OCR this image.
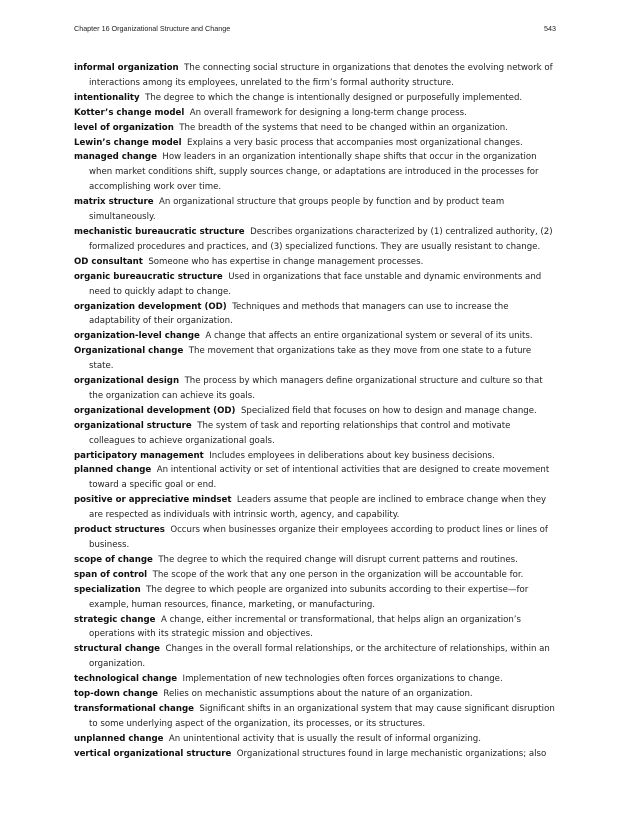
Chapter 16 Organizational Structure and Change	543

informal organization The connecting social structure in organizations that denotes the evolving network of interactions among its employees, unrelated to the firm’s formal authority structure.

intentionality The degree to which the change is intentionally designed or purposefully implemented.

Kotter’s change model An overall framework for designing a long-term change process.

level of organization The breadth of the systems that need to be changed within an organization.

Lewin’s change model Explains a very basic process that accompanies most organizational changes.

managed change How leaders in an organization intentionally shape shifts that occur in the organization when market conditions shift, supply sources change, or adaptations are introduced in the processes for accomplishing work over time.

matrix structure An organizational structure that groups people by function and by product team simultaneously.

mechanistic bureaucratic structure Describes organizations characterized by (1) centralized authority, (2) formalized procedures and practices, and (3) specialized functions. They are usually resistant to change.

OD consultant Someone who has expertise in change management processes.

organic bureaucratic structure Used in organizations that face unstable and dynamic environments and need to quickly adapt to change.

organization development (OD) Techniques and methods that managers can use to increase the adaptability of their organization.

organization-level change A change that affects an entire organizational system or several of its units.

Organizational change The movement that organizations take as they move from one state to a future state.

organizational design The process by which managers define organizational structure and culture so that the organization can achieve its goals.

organizational development (OD) Specialized field that focuses on how to design and manage change.

organizational structure The system of task and reporting relationships that control and motivate colleagues to achieve organizational goals.

participatory management Includes employees in deliberations about key business decisions.

planned change An intentional activity or set of intentional activities that are designed to create movement toward a specific goal or end.

positive or appreciative mindset Leaders assume that people are inclined to embrace change when they are respected as individuals with intrinsic worth, agency, and capability.

product structures Occurs when businesses organize their employees according to product lines or lines of business.

scope of change The degree to which the required change will disrupt current patterns and routines.

span of control The scope of the work that any one person in the organization will be accountable for.

specialization The degree to which people are organized into subunits according to their expertise—for example, human resources, finance, marketing, or manufacturing.

strategic change A change, either incremental or transformational, that helps align an organization’s operations with its strategic mission and objectives.

structural change Changes in the overall formal relationships, or the architecture of relationships, within an organization.

technological change Implementation of new technologies often forces organizations to change.

top-down change Relies on mechanistic assumptions about the nature of an organization.

transformational change Significant shifts in an organizational system that may cause significant disruption to some underlying aspect of the organization, its processes, or its structures.

unplanned change An unintentional activity that is usually the result of informal organizing.

vertical organizational structure Organizational structures found in large mechanistic organizations; also
